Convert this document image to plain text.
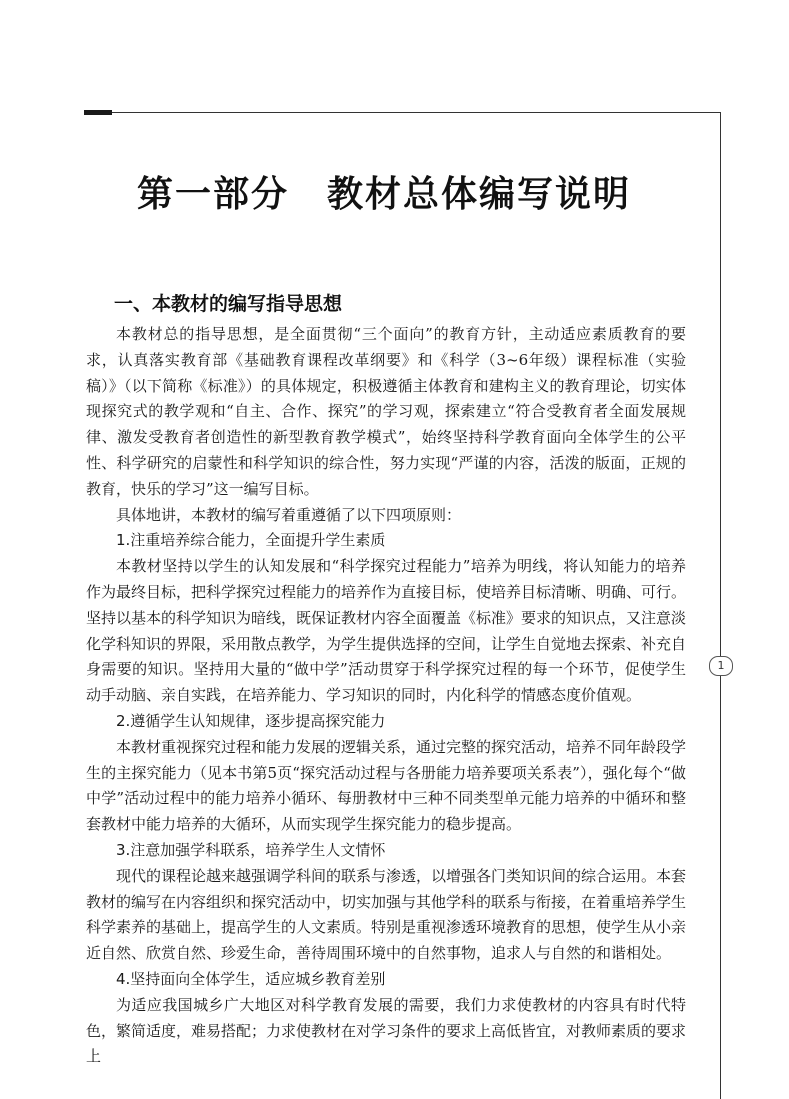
1
第一部分　教材总体编写说明
一、本教材的编写指导思想

本教材总的指导思想，是全面贯彻“三个面向”的教育方针，主动适应素质教育的要求，认真落实教育部《基础教育课程改革纲要》和《科学（3~6年级）课程标准（实验稿）》（以下简称《标准》）的具体规定，积极遵循主体教育和建构主义的教育理论，切实体现探究式的教学观和“自主、合作、探究”的学习观，探索建立“符合受教育者全面发展规律、激发受教育者创造性的新型教育教学模式”，始终坚持科学教育面向全体学生的公平性、科学研究的启蒙性和科学知识的综合性，努力实现“严谨的内容，活泼的版面，正规的教育，快乐的学习”这一编写目标。

具体地讲，本教材的编写着重遵循了以下四项原则：

1.注重培养综合能力，全面提升学生素质

本教材坚持以学生的认知发展和“科学探究过程能力”培养为明线，将认知能力的培养作为最终目标，把科学探究过程能力的培养作为直接目标，使培养目标清晰、明确、可行。坚持以基本的科学知识为暗线，既保证教材内容全面覆盖《标准》要求的知识点，又注意淡化学科知识的界限，采用散点教学，为学生提供选择的空间，让学生自觉地去探索、补充自身需要的知识。坚持用大量的“做中学”活动贯穿于科学探究过程的每一个环节，促使学生动手动脑、亲自实践，在培养能力、学习知识的同时，内化科学的情感态度价值观。

2.遵循学生认知规律，逐步提高探究能力

本教材重视探究过程和能力发展的逻辑关系，通过完整的探究活动，培养不同年龄段学生的主探究能力（见本书第5页“探究活动过程与各册能力培养要项关系表”），强化每个“做中学”活动过程中的能力培养小循环、每册教材中三种不同类型单元能力培养的中循环和整套教材中能力培养的大循环，从而实现学生探究能力的稳步提高。

3.注意加强学科联系，培养学生人文情怀

现代的课程论越来越强调学科间的联系与渗透，以增强各门类知识间的综合运用。本套教材的编写在内容组织和探究活动中，切实加强与其他学科的联系与衔接，在着重培养学生科学素养的基础上，提高学生的人文素质。特别是重视渗透环境教育的思想，使学生从小亲近自然、欣赏自然、珍爱生命，善待周围环境中的自然事物，追求人与自然的和谐相处。

4.坚持面向全体学生，适应城乡教育差别

为适应我国城乡广大地区对科学教育发展的需要，我们力求使教材的内容具有时代特色，繁简适度，难易搭配；力求使教材在对学习条件的要求上高低皆宜，对教师素质的要求上
